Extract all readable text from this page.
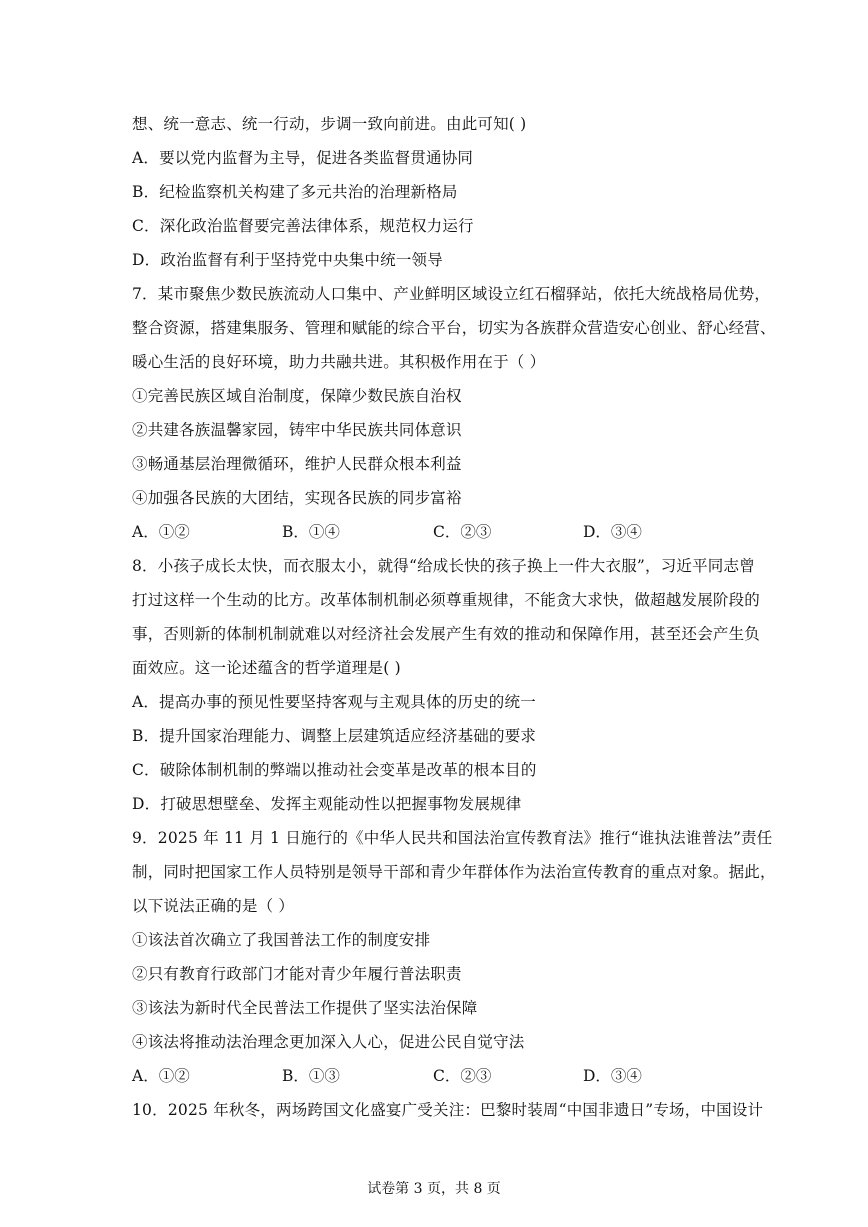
想、统一意志、统一行动，步调一致向前进。由此可知( )
A．要以党内监督为主导，促进各类监督贯通协同
B．纪检监察机关构建了多元共治的治理新格局
C．深化政治监督要完善法律体系，规范权力运行
D．政治监督有利于坚持党中央集中统一领导
7．某市聚焦少数民族流动人口集中、产业鲜明区域设立红石榴驿站，依托大统战格局优势，
整合资源，搭建集服务、管理和赋能的综合平台，切实为各族群众营造安心创业、舒心经营、
暖心生活的良好环境，助力共融共进。其积极作用在于（ ）
①完善民族区域自治制度，保障少数民族自治权
②共建各族温馨家园，铸牢中华民族共同体意识
③畅通基层治理微循环，维护人民群众根本利益
④加强各民族的大团结，实现各民族的同步富裕
A．①②	B．①④	C．②③	D．③④
8．小孩子成长太快，而衣服太小，就得“给成长快的孩子换上一件大衣服”，习近平同志曾
打过这样一个生动的比方。改革体制机制必须尊重规律，不能贪大求快，做超越发展阶段的
事，否则新的体制机制就难以对经济社会发展产生有效的推动和保障作用，甚至还会产生负
面效应。这一论述蕴含的哲学道理是( )
A．提高办事的预见性要坚持客观与主观具体的历史的统一
B．提升国家治理能力、调整上层建筑适应经济基础的要求
C．破除体制机制的弊端以推动社会变革是改革的根本目的
D．打破思想壁垒、发挥主观能动性以把握事物发展规律
9．2025 年 11 月 1 日施行的《中华人民共和国法治宣传教育法》推行“谁执法谁普法”责任
制，同时把国家工作人员特别是领导干部和青少年群体作为法治宣传教育的重点对象。据此，
以下说法正确的是（ ）
①该法首次确立了我国普法工作的制度安排
②只有教育行政部门才能对青少年履行普法职责
③该法为新时代全民普法工作提供了坚实法治保障
④该法将推动法治理念更加深入人心，促进公民自觉守法
A．①②	B．①③	C．②③	D．③④
10．2025 年秋冬，两场跨国文化盛宴广受关注：巴黎时装周“中国非遗日”专场，中国设计
试卷第 3 页，共 8 页
